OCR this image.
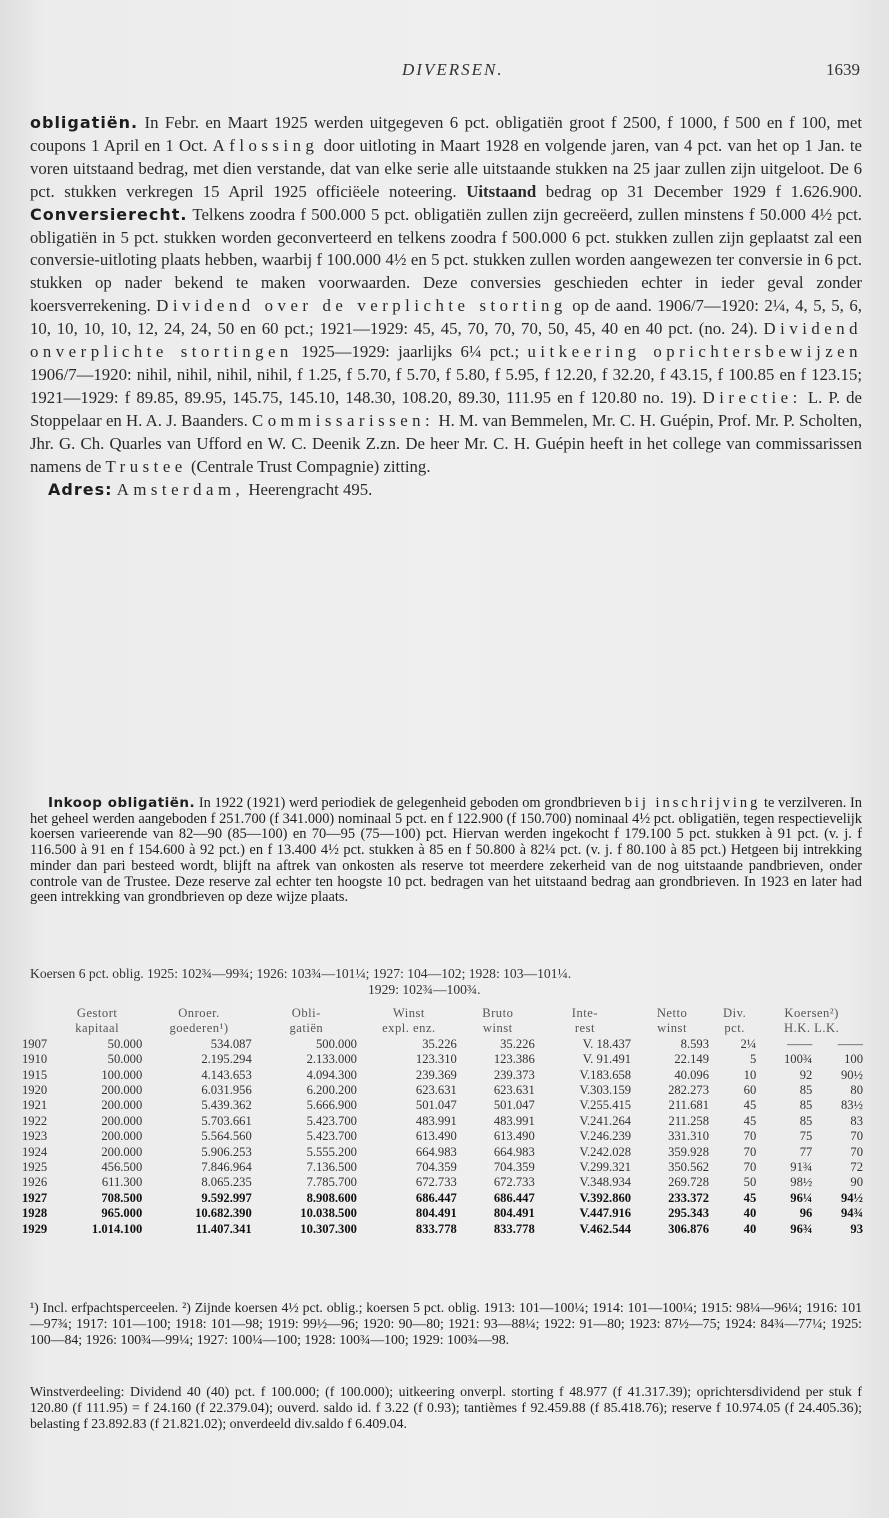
DIVERSEN.	1639
obligatiën. In Febr. en Maart 1925 werden uitgegeven 6 pct. obligatiën groot f 2500, f 1000, f 500 en f 100, met coupons 1 April en 1 Oct. Aflossing door uitloting in Maart 1928 en volgende jaren, van 4 pct. van het op 1 Jan. te voren uitstaand bedrag, met dien verstande, dat van elke serie alle uitstaande stukken na 25 jaar zullen zijn uitgeloot. De 6 pct. stukken verkregen 15 April 1925 officiëele noteering. Uitstaand bedrag op 31 December 1929 f 1.626.900. Conversierecht. Telkens zoodra f 500.000 5 pct. obligatiën zullen zijn gecreëerd, zullen minstens f 50.000 4½ pct. obligatiën in 5 pct. stukken worden geconverteerd en telkens zoodra f 500.000 6 pct. stukken zullen zijn geplaatst zal een conversie-uitloting plaats hebben, waarbij f 100.000 4½ en 5 pct. stukken zullen worden aangewezen ter conversie in 6 pct. stukken op nader bekend te maken voorwaarden. Deze conversies geschieden echter in ieder geval zonder koersverrekening. Dividend over de verplichte storting op de aand. 1906/7—1920: 2¼, 4, 5, 5, 6, 10, 10, 10, 10, 12, 24, 24, 50 en 60 pct.; 1921—1929: 45, 45, 70, 70, 70, 50, 45, 40 en 40 pct. (no. 24). Dividend onverplichte stortingen 1925—1929: jaarlijks 6¼ pct.; uitkeering oprichtersbewijzen 1906/7—1920: nihil, nihil, nihil, nihil, f 1.25, f 5.70, f 5.70, f 5.80, f 5.95, f 12.20, f 32.20, f 43.15, f 100.85 en f 123.15; 1921—1929: f 89.85, 89.95, 145.75, 145.10, 148.30, 108.20, 89.30, 111.95 en f 120.80 no. 19). Directie: L. P. de Stoppelaar en H. A. J. Baanders. Commissarissen: H. M. van Bemmelen, Mr. C. H. Guépin, Prof. Mr. P. Scholten, Jhr. G. Ch. Quarles van Ufford en W. C. Deenik Z.zn. De heer Mr. C. H. Guépin heeft in het college van commissarissen namens de Trustee (Centrale Trust Compagnie) zitting.
Adres: Amsterdam, Heerengracht 495.
Inkoop obligatiën. In 1922 (1921) werd periodiek de gelegenheid geboden om grondbrieven bij inschrijving te verzilveren. In het geheel werden aangeboden f 251.700 (f 341.000) nominaal 5 pct. en f 122.900 (f 150.700) nominaal 4½ pct. obligatiën, tegen respectievelijk koersen varieerende van 82—90 (85—100) en 70—95 (75—100) pct. Hiervan werden ingekocht f 179.100 5 pct. stukken à 91 pct. (v. j. f 116.500 à 91 en f 154.600 à 92 pct.) en f 13.400 4½ pct. stukken à 85 en f 50.800 à 82¼ pct. (v. j. f 80.100 à 85 pct.) Hetgeen bij intrekking minder dan pari besteed wordt, blijft na aftrek van onkosten als reserve tot meerdere zekerheid van de nog uitstaande pandbrieven, onder controle van de Trustee. Deze reserve zal echter ten hoogste 10 pct. bedragen van het uitstaand bedrag aan grondbrieven. In 1923 en later had geen intrekking van grondbrieven op deze wijze plaats.
Koersen 6 pct. oblig. 1925: 102¾—99¾; 1926: 103¾—101¼; 1927: 104—102; 1928: 103—101¼.
1929: 102¾—100¾.
	Gestort	Onroer.	Obli-	Winst	Bruto	Inte-	Netto	Div.	Koersen²)	
	kapitaal	goederen¹)	gatiën	expl. enz.	winst	rest	winst	pct.	H.K. L.K.	
1907	50.000	534.087	500.000	35.226	35.226	V. 18.437	8.593	2¼	——	——
1910	50.000	2.195.294	2.133.000	123.310	123.386	V. 91.491	22.149	5	100¾	100
1915	100.000	4.143.653	4.094.300	239.369	239.373	V.183.658	40.096	10	92	90½
1920	200.000	6.031.956	6.200.200	623.631	623.631	V.303.159	282.273	60	85	80
1921	200.000	5.439.362	5.666.900	501.047	501.047	V.255.415	211.681	45	85	83½
1922	200.000	5.703.661	5.423.700	483.991	483.991	V.241.264	211.258	45	85	83
1923	200.000	5.564.560	5.423.700	613.490	613.490	V.246.239	331.310	70	75	70
1924	200.000	5.906.253	5.555.200	664.983	664.983	V.242.028	359.928	70	77	70
1925	456.500	7.846.964	7.136.500	704.359	704.359	V.299.321	350.562	70	91¾	72
1926	611.300	8.065.235	7.785.700	672.733	672.733	V.348.934	269.728	50	98½	90
1927	708.500	9.592.997	8.908.600	686.447	686.447	V.392.860	233.372	45	96¼	94½
1928	965.000	10.682.390	10.038.500	804.491	804.491	V.447.916	295.343	40	96	94¾
1929	1.014.100	11.407.341	10.307.300	833.778	833.778	V.462.544	306.876	40	96¾	93
¹) Incl. erfpachtsperceelen. ²) Zijnde koersen 4½ pct. oblig.; koersen 5 pct. oblig. 1913: 101—100¼; 1914: 101—100¼; 1915: 98¼—96¼; 1916: 101—97¾; 1917: 101—100; 1918: 101—98; 1919: 99½—96; 1920: 90—80; 1921: 93—88¼; 1922: 91—80; 1923: 87½—75; 1924: 84¾—77¼; 1925: 100—84; 1926: 100¾—99¼; 1927: 100¼—100; 1928: 100¾—100; 1929: 100¾—98.
Winstverdeeling: Dividend 40 (40) pct. f 100.000; (f 100.000); uitkeering onverpl. storting f 48.977 (f 41.317.39); oprichtersdividend per stuk f 120.80 (f 111.95) = f 24.160 (f 22.379.04); ouverd. saldo id. f 3.22 (f 0.93); tantièmes f 92.459.88 (f 85.418.76); reserve f 10.974.05 (f 24.405.36); belasting f 23.892.83 (f 21.821.02); onverdeeld div.saldo f 6.409.04.
